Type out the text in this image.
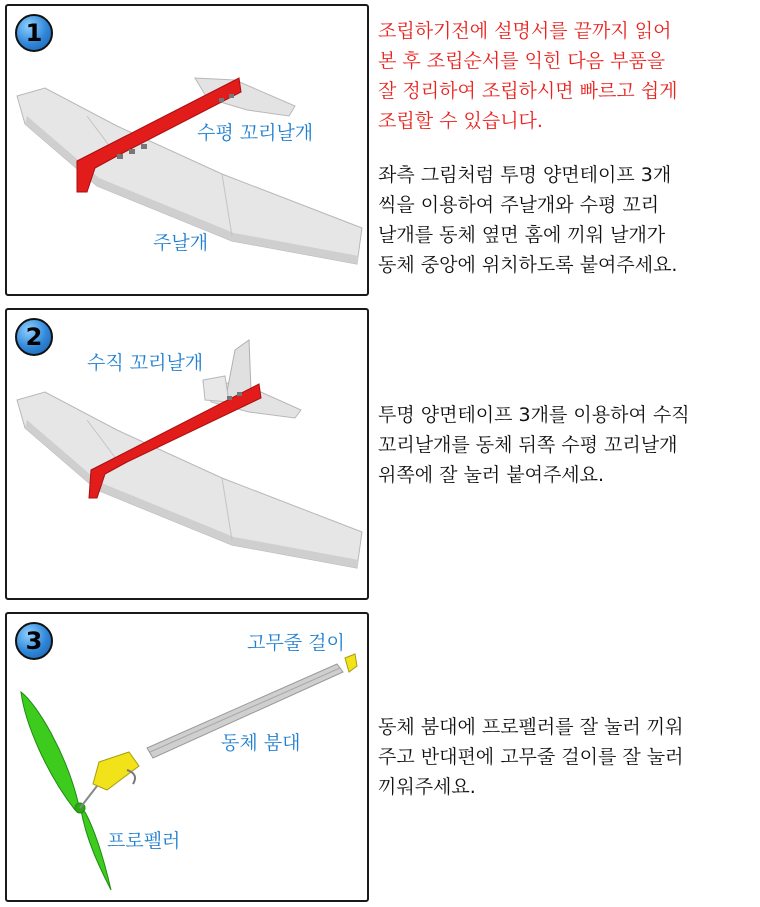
1
수평 꼬리날개
주날개
2
수직 꼬리날개
3	고무줄 걸이
동체 붐대
프로펠러
조립하기전에 설명서를 끝까지 읽어
본 후 조립순서를 익힌 다음 부품을
잘 정리하여 조립하시면 빠르고 쉽게
조립할 수 있습니다.
좌측 그림처럼 투명 양면테이프 3개
씩을 이용하여 주날개와 수평 꼬리
날개를 동체 옆면 홈에 끼워 날개가
동체 중앙에 위치하도록 붙여주세요.
투명 양면테이프 3개를 이용하여 수직
꼬리날개를 동체 뒤쪽 수평 꼬리날개
위쪽에 잘 눌러 붙여주세요.
동체 붐대에 프로펠러를 잘 눌러 끼워
주고 반대편에 고무줄 걸이를 잘 눌러
끼워주세요.
